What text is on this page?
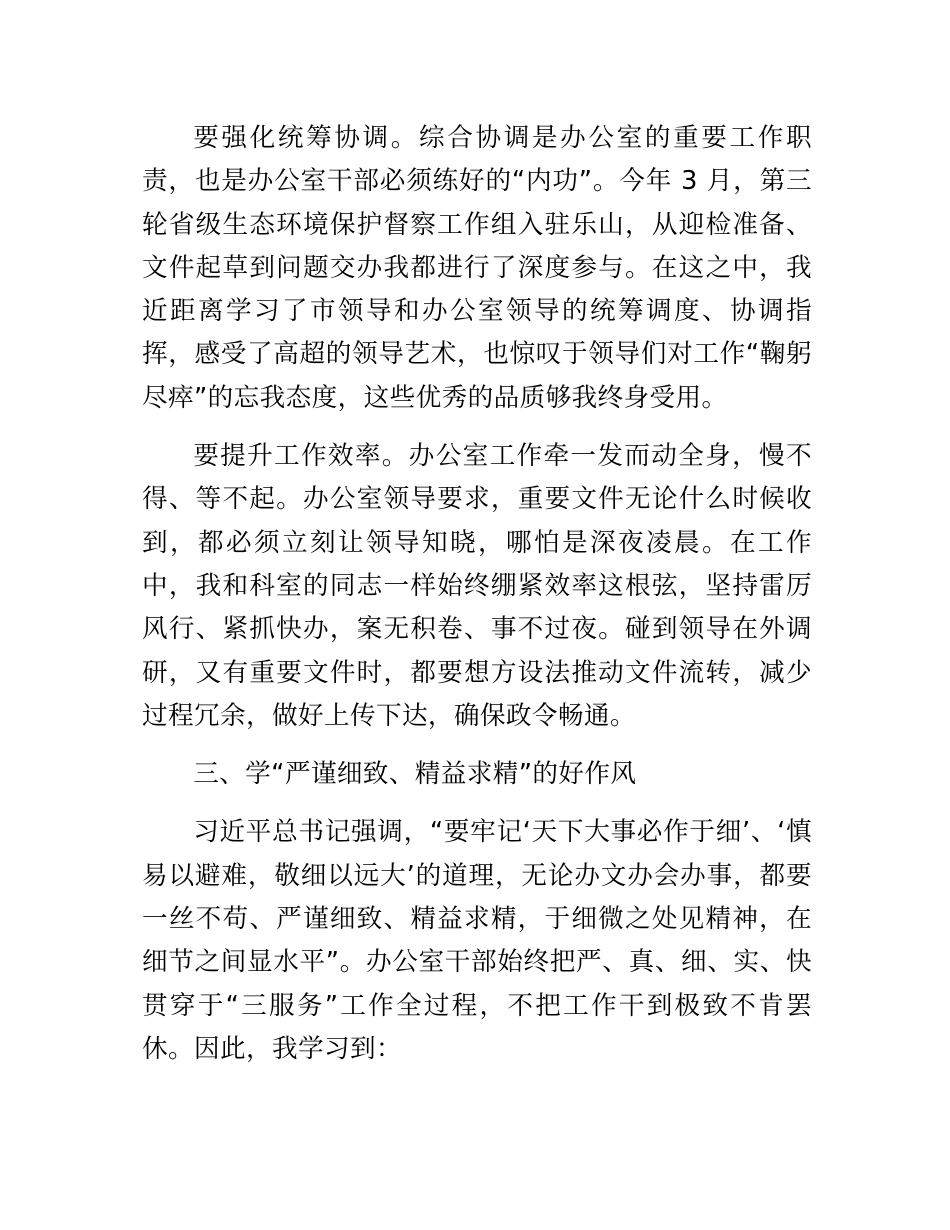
要强化统筹协调。综合协调是办公室的重要工作职责，也是办公室干部必须练好的“内功”。今年 3 月，第三轮省级生态环境保护督察工作组入驻乐山，从迎检准备、文件起草到问题交办我都进行了深度参与。在这之中，我近距离学习了市领导和办公室领导的统筹调度、协调指挥，感受了高超的领导艺术，也惊叹于领导们对工作“鞠躬尽瘁”的忘我态度，这些优秀的品质够我终身受用。

要提升工作效率。办公室工作牵一发而动全身，慢不得、等不起。办公室领导要求，重要文件无论什么时候收到，都必须立刻让领导知晓，哪怕是深夜凌晨。在工作中，我和科室的同志一样始终绷紧效率这根弦，坚持雷厉风行、紧抓快办，案无积卷、事不过夜。碰到领导在外调研，又有重要文件时，都要想方设法推动文件流转，减少过程冗余，做好上传下达，确保政令畅通。

三、学“严谨细致、精益求精”的好作风

习近平总书记强调，“要牢记‘天下大事必作于细’、‘慎易以避难，敬细以远大’的道理，无论办文办会办事，都要一丝不苟、严谨细致、精益求精，于细微之处见精神，在细节之间显水平”。办公室干部始终把严、真、细、实、快贯穿于“三服务”工作全过程，不把工作干到极致不肯罢休。因此，我学习到：
